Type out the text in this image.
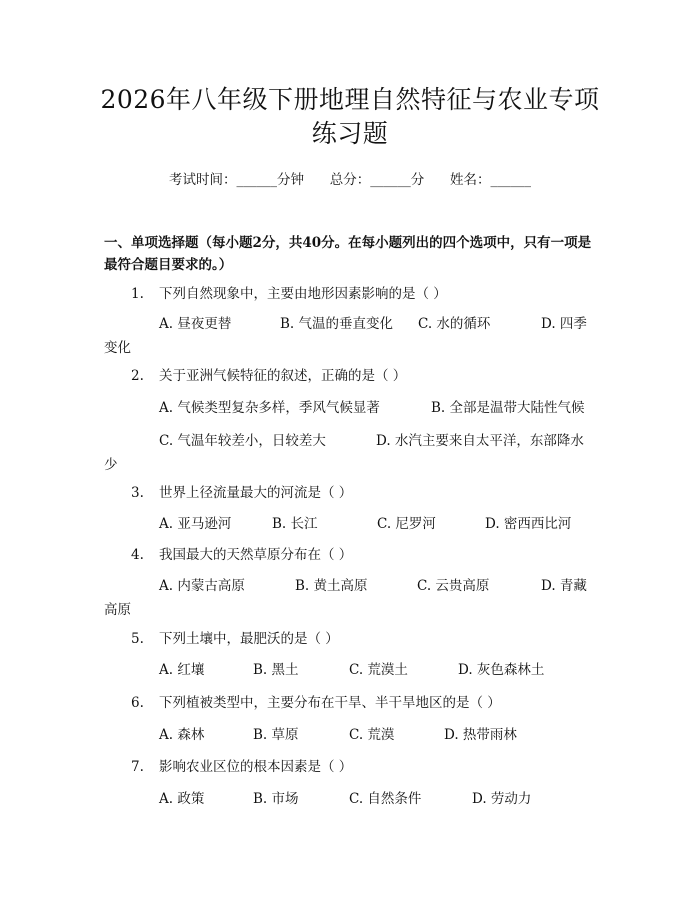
2026年八年级下册地理自然特征与农业专项
练习题
考试时间：______分钟      总分：______分      姓名：______
一、单项选择题（每小题2分，共40分。在每小题列出的四个选项中，只有一项是最符合题目要求的。）
1. 下列自然现象中，主要由地形因素影响的是（ ）
A. 昼夜更替	B. 气温的垂直变化 C. 水的循环	D. 四季
变化
2. 关于亚洲气候特征的叙述，正确的是（ ）
A. 气候类型复杂多样，季风气候显著	B. 全部是温带大陆性气候
C. 气温年较差小，日较差大	D. 水汽主要来自太平洋，东部降水
少
3. 世界上径流量最大的河流是（ ）
A. 亚马逊河	B. 长江	C. 尼罗河	D. 密西西比河
4. 我国最大的天然草原分布在（ ）
A. 内蒙古高原	B. 黄土高原	C. 云贵高原	D. 青藏
高原
5. 下列土壤中，最肥沃的是（ ）
A. 红壤	B. 黑土	C. 荒漠土	D. 灰色森林土
6. 下列植被类型中，主要分布在干旱、半干旱地区的是（ ）
A. 森林	B. 草原	C. 荒漠	D. 热带雨林
7. 影响农业区位的根本因素是（ ）
A. 政策	B. 市场	C. 自然条件	D. 劳动力
